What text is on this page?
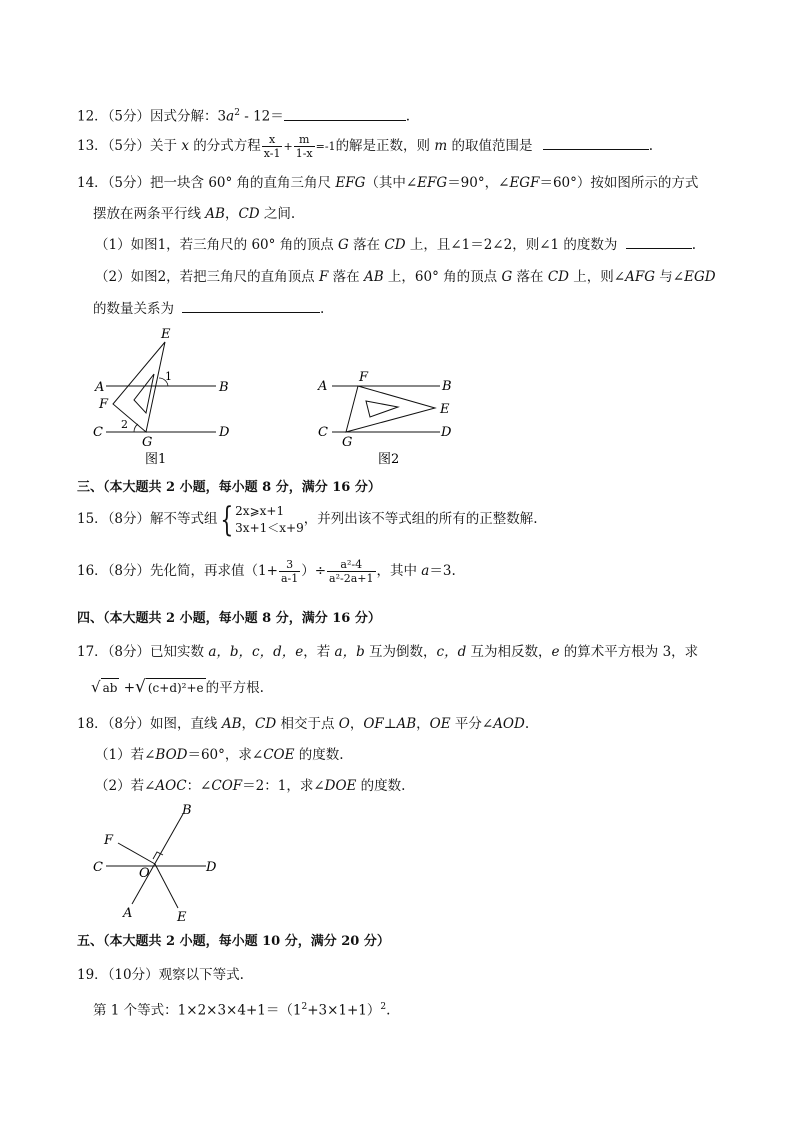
12．（5分）因式分解：$3a^2 - 12=$	.
13．（5分）关于 x 的分式方程 $\frac{x}{x-1} + \frac{m}{1-x} =-1$的解是正数，则 m 的取值范围是	.
14．（5分）把一块含 60° 角的直角三角尺 EFG（其中∠EFG＝90°，∠EGF＝60°）按如图所示的方式
摆放在两条平行线 AB，CD 之间.
（1）如图1，若三角尺的 60° 角的顶点 G 落在 CD 上，且∠1＝2∠2，则∠1 的度数为	.
（2）如图2，若把三角尺的直角顶点 F 落在 AB 上，60° 角的顶点 G 落在 CD 上，则∠AFG 与∠EGD
的数量关系为	.
E
A	B
F
C	D
G
1
2
图1
A
F
B
E
C
G
D
图2
三、（本大题共 2 小题，每小题 8 分，满分 16 分）
15．（8分）解不等式组{ 2x⩾x+1
3x+1＜x+9
，并列出该不等式组的所有的正整数解.
16．（8分）先化简，再求值（$1+ \frac{3}{a-1}$ ）÷ $\frac{\text{a²-4}}{\text{a²-2a+1}}$ ，其中 a＝3.
四、（本大题共 2 小题，每小题 8 分，满分 16 分）
17．（8分）已知实数 a，b，c，d，e，若 a，b 互为倒数，c，d 互为相反数，e 的算术平方根为 3，求
√ ab +√ (c+d)²+e 的平方根.
18．（8分）如图，直线 AB，CD 相交于点 O，OF⊥AB，OE 平分∠AOD.
（1）若∠BOD＝60°，求∠COE 的度数.
（2）若∠AOC：∠COF＝2：1，求∠DOE 的度数.
F
B
C	O	D
A	E
五、（本大题共 2 小题，每小题 10 分，满分 20 分）
19．（10分）观察以下等式.
第 1 个等式：$1\times 2\times 3\times 4+1=(1^2+3\times 1+1)^2$.
